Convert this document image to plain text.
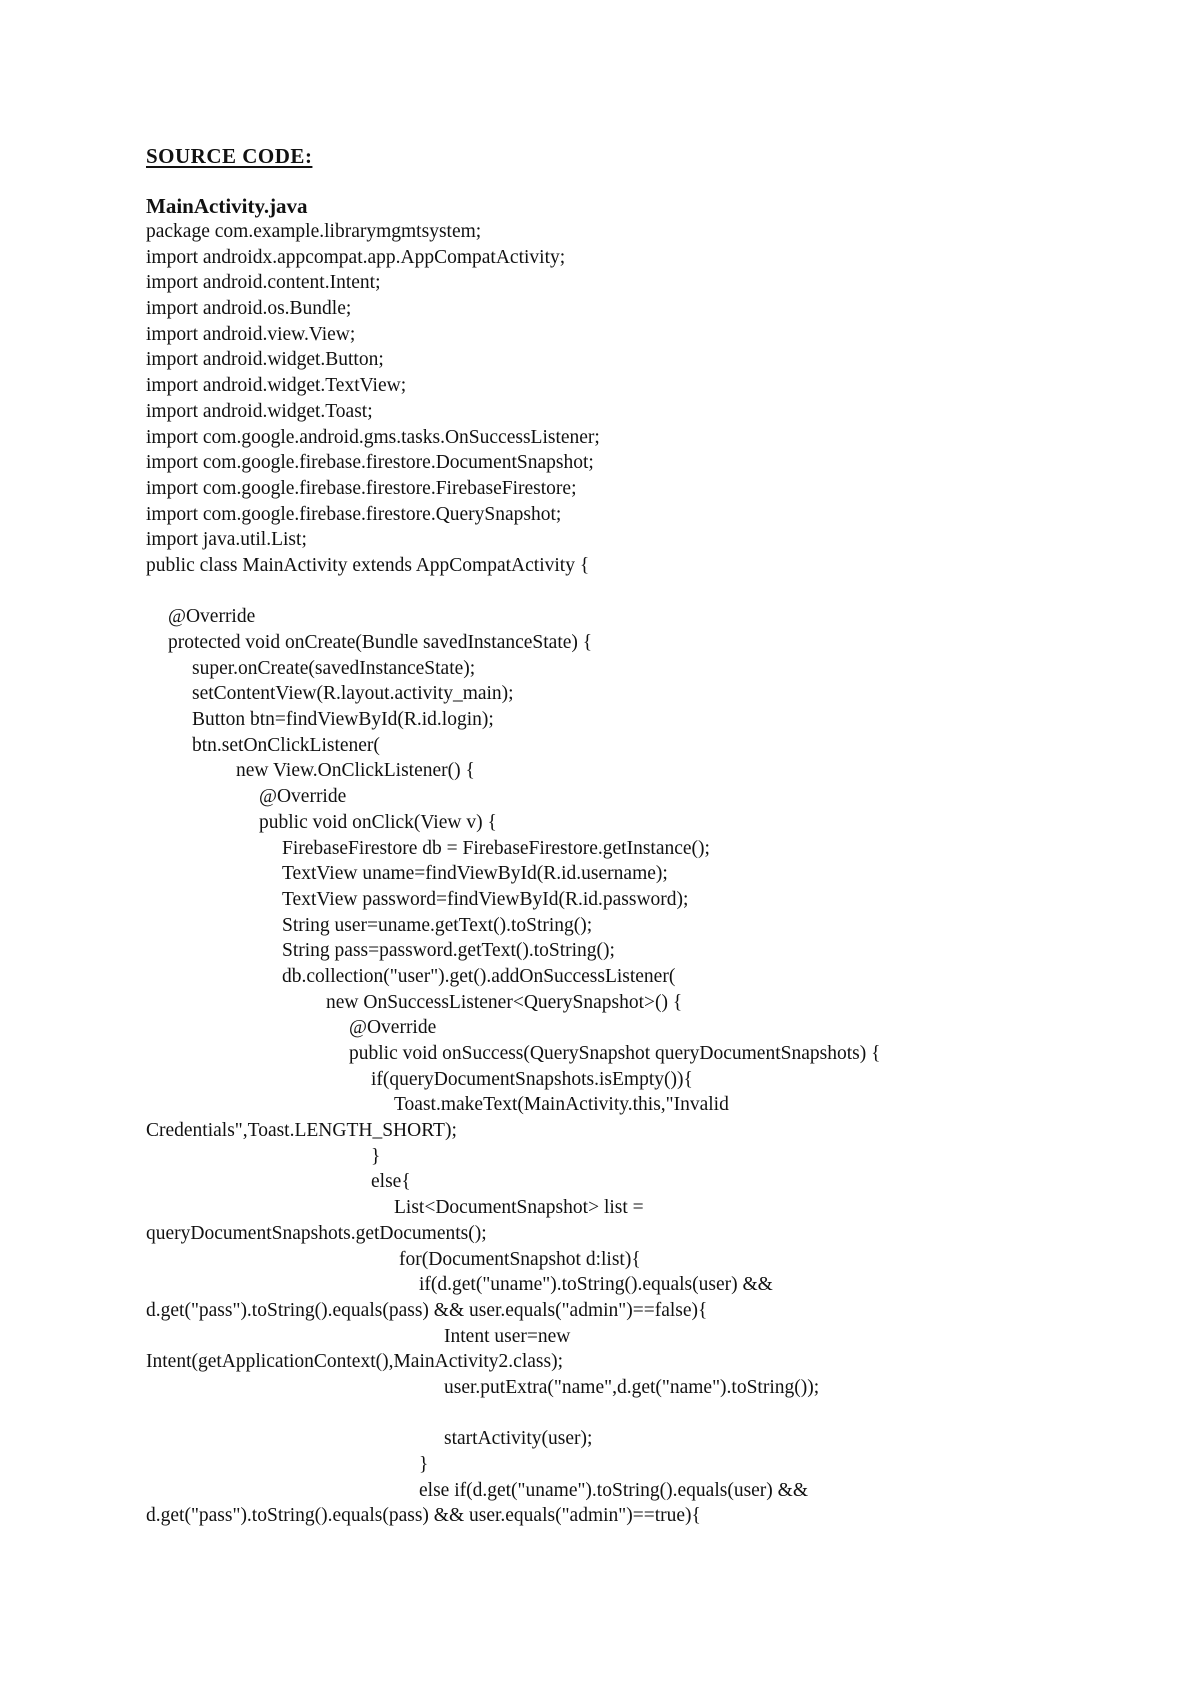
SOURCE CODE:
MainActivity.java
package com.example.librarymgmtsystem;
import androidx.appcompat.app.AppCompatActivity;
import android.content.Intent;
import android.os.Bundle;
import android.view.View;
import android.widget.Button;
import android.widget.TextView;
import android.widget.Toast;
import com.google.android.gms.tasks.OnSuccessListener;
import com.google.firebase.firestore.DocumentSnapshot;
import com.google.firebase.firestore.FirebaseFirestore;
import com.google.firebase.firestore.QuerySnapshot;
import java.util.List;
public class MainActivity extends AppCompatActivity {
@Override
protected void onCreate(Bundle savedInstanceState) {
super.onCreate(savedInstanceState);
setContentView(R.layout.activity_main);
Button btn=findViewById(R.id.login);
btn.setOnClickListener(
new View.OnClickListener() {
@Override
public void onClick(View v) {
FirebaseFirestore db = FirebaseFirestore.getInstance();
TextView uname=findViewById(R.id.username);
TextView password=findViewById(R.id.password);
String user=uname.getText().toString();
String pass=password.getText().toString();
db.collection("user").get().addOnSuccessListener(
new OnSuccessListener<QuerySnapshot>() {
@Override
public void onSuccess(QuerySnapshot queryDocumentSnapshots) {
if(queryDocumentSnapshots.isEmpty()){
Toast.makeText(MainActivity.this,"Invalid
Credentials",Toast.LENGTH_SHORT);
}
else{
List<DocumentSnapshot> list =
queryDocumentSnapshots.getDocuments();
for(DocumentSnapshot d:list){
if(d.get("uname").toString().equals(user) &&
d.get("pass").toString().equals(pass) && user.equals("admin")==false){
Intent user=new
Intent(getApplicationContext(),MainActivity2.class);
user.putExtra("name",d.get("name").toString());
startActivity(user);
}
else if(d.get("uname").toString().equals(user) &&
d.get("pass").toString().equals(pass) && user.equals("admin")==true){
